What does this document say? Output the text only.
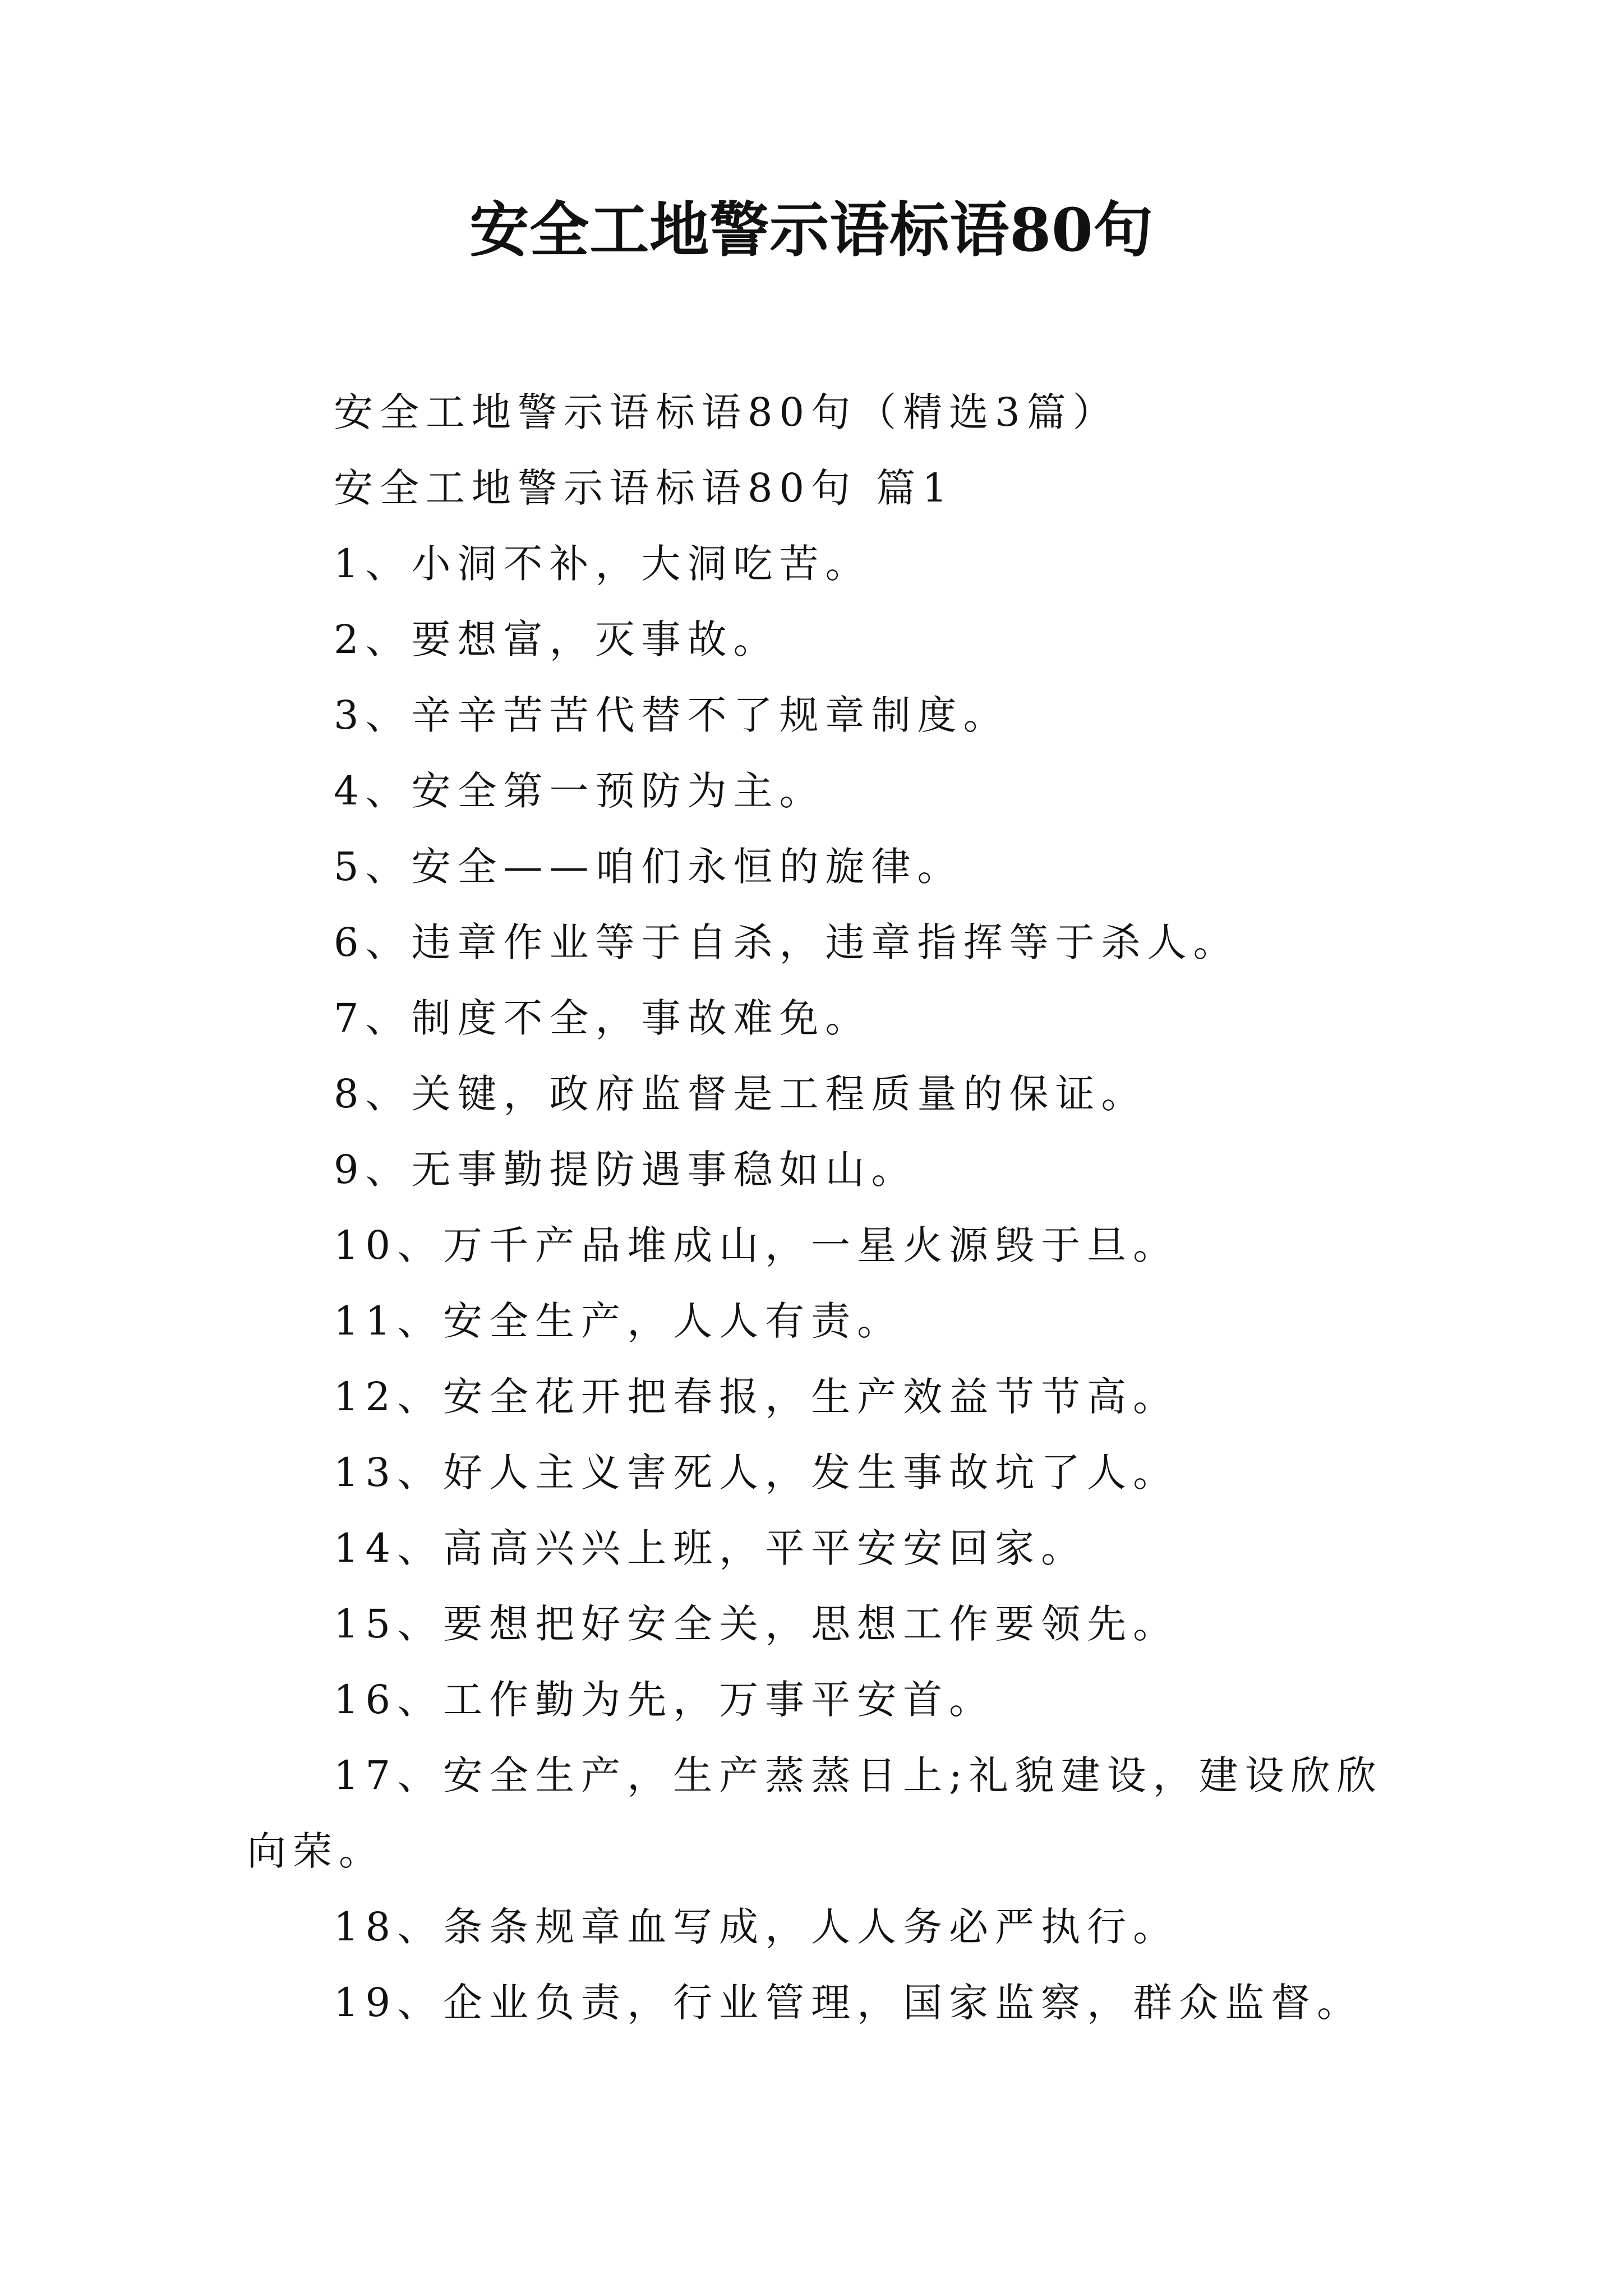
安全工地警示语标语80句

安全工地警示语标语80句（精选3篇）

安全工地警示语标语80句 篇1

1、小洞不补，大洞吃苦。

2、要想富，灭事故。

3、辛辛苦苦代替不了规章制度。

4、安全第一预防为主。

5、安全——咱们永恒的旋律。

6、违章作业等于自杀，违章指挥等于杀人。

7、制度不全，事故难免。

8、关键，政府监督是工程质量的保证。

9、无事勤提防遇事稳如山。

10、万千产品堆成山，一星火源毁于旦。

11、安全生产，人人有责。

12、安全花开把春报，生产效益节节高。

13、好人主义害死人，发生事故坑了人。

14、高高兴兴上班，平平安安回家。

15、要想把好安全关，思想工作要领先。

16、工作勤为先，万事平安首。

17、安全生产，生产蒸蒸日上;礼貌建设，建设欣欣向荣。

18、条条规章血写成，人人务必严执行。

19、企业负责，行业管理，国家监察，群众监督。
